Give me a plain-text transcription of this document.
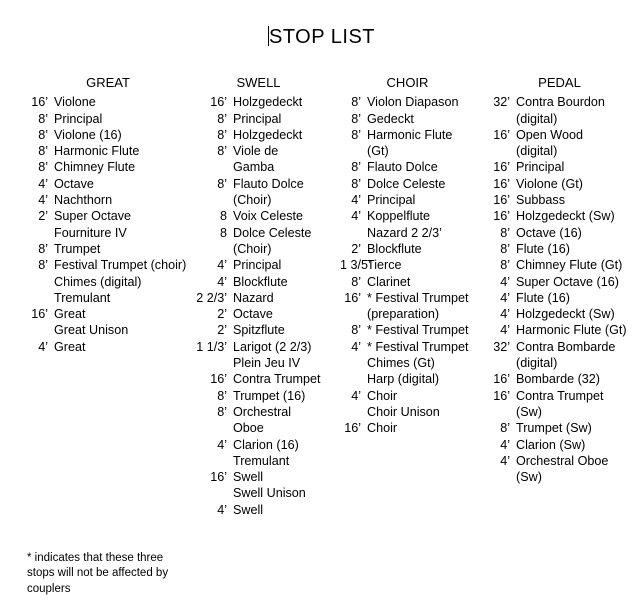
STOP LIST
GREAT
16’ Violone
8’ Principal
8’ Violone (16)
8’ Harmonic Flute
8’ Chimney Flute
4’ Octave
4’ Nachthorn
2’ Super Octave
Fourniture IV
8’ Trumpet
8’ Festival Trumpet (choir)
Chimes (digital)
Tremulant
16’ Great
Great Unison
4’ Great
SWELL
16’ Holzgedeckt
8’ Principal
8’ Holzgedeckt
8’ Viole de Gamba
8’ Flauto Dolce (Choir)
8 Voix Celeste
8 Dolce Celeste (Choir)
4’ Principal
4’ Blockflute
2 2/3’ Nazard
2’ Octave
2’ Spitzflute
1 1/3’ Larigot (2 2/3)
Plein Jeu IV
16’ Contra Trumpet
8’ Trumpet (16)
8’ Orchestral Oboe
4’ Clarion (16)
Tremulant
16’ Swell
Swell Unison
4’ Swell
CHOIR
8’ Violon Diapason
8’ Gedeckt
8’ Harmonic Flute (Gt)
8’ Flauto Dolce
8’ Dolce Celeste
4’ Principal
4’ Koppelflute
Nazard 2 2/3’
2’ Blockflute
1 3/5’
Tierce
8’ Clarinet
16’ * Festival Trumpet (preparation)
8’ * Festival Trumpet
4’ * Festival Trumpet
Chimes (Gt)
Harp (digital)
4’ Choir
Choir Unison
16’ Choir
PEDAL
32’ Contra Bourdon (digital)
16’ Open Wood (digital)
16’ Principal
16’ Violone (Gt)
16’ Subbass
16’ Holzgedeckt (Sw)
8’ Octave (16)
8’ Flute (16)
8’ Chimney Flute (Gt)
4’ Super Octave (16)
4’ Flute (16)
4’ Holzgedeckt (Sw)
4’ Harmonic Flute (Gt)
32’ Contra Bombarde (digital)
16’ Bombarde (32)
16’ Contra Trumpet (Sw)
8’ Trumpet (Sw)
4’ Clarion (Sw)
4’ Orchestral Oboe (Sw)
* indicates that these three stops will not be affected by couplers
